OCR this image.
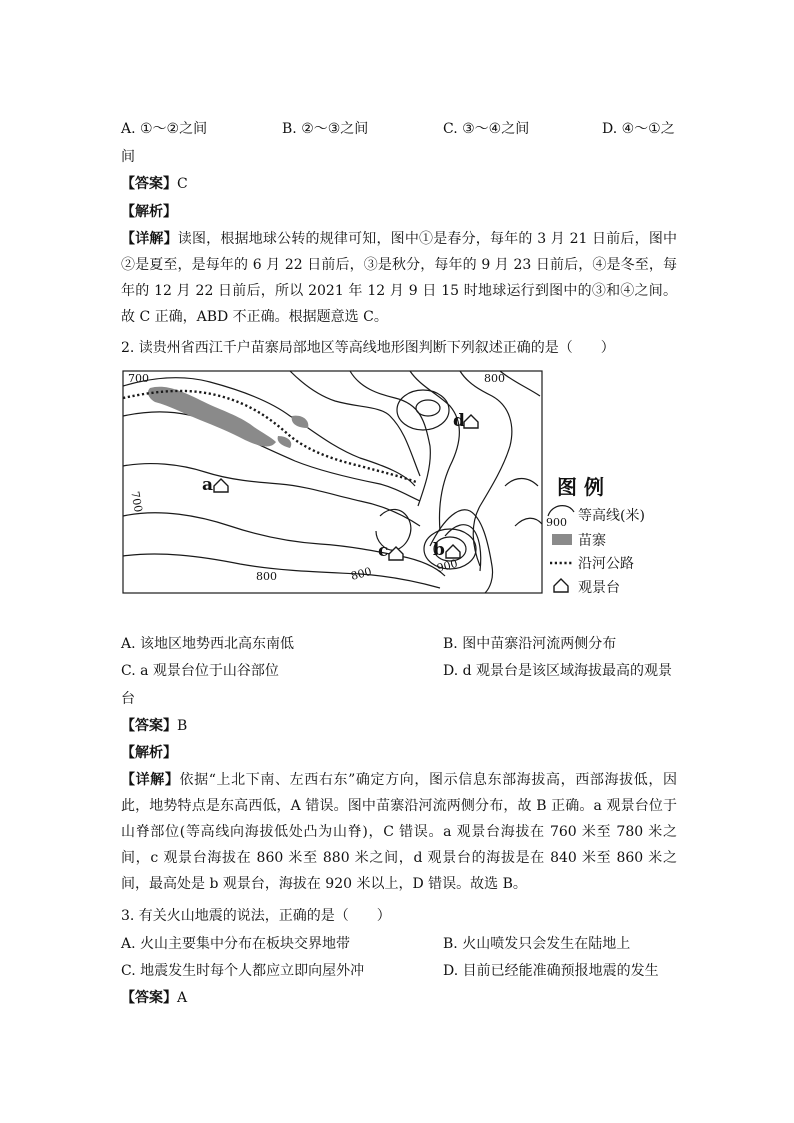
A. ①～②之间	B. ②～③之间	C. ③～④之间	D. ④～①之
间
【答案】C
【解析】
【详解】读图，根据地球公转的规律可知，图中①是春分，每年的 3 月 21 日前后，图中②是夏至，是每年的 6 月 22 日前后，③是秋分，每年的 9 月 23 日前后，④是冬至，每年的 12 月 22 日前后，所以 2021 年 12 月 9 日 15 时地球运行到图中的③和④之间。故 C 正确，ABD 不正确。根据题意选 C。
2. 读贵州省西江千户苗寨局部地区等高线地形图判断下列叙述正确的是（　　）
700	800
700
800	800	900
a
c	b
d
图 例
900 等高线(米)
苗寨
沿河公路
观景台
A. 该地区地势西北高东南低	B. 图中苗寨沿河流两侧分布
C. a 观景台位于山谷部位	D. d 观景台是该区域海拔最高的观景
台
【答案】B
【解析】
【详解】依据“上北下南、左西右东”确定方向，图示信息东部海拔高，西部海拔低，因此，地势特点是东高西低，A 错误。图中苗寨沿河流两侧分布，故 B 正确。a 观景台位于山脊部位(等高线向海拔低处凸为山脊)，C 错误。a 观景台海拔在 760 米至 780 米之间，c 观景台海拔在 860 米至 880 米之间，d 观景台的海拔是在 840 米至 860 米之间，最高处是 b 观景台，海拔在 920 米以上，D 错误。故选 B。
3. 有关火山地震的说法，正确的是（　　）
A. 火山主要集中分布在板块交界地带	B. 火山喷发只会发生在陆地上
C. 地震发生时每个人都应立即向屋外冲	D. 目前已经能准确预报地震的发生
【答案】A
